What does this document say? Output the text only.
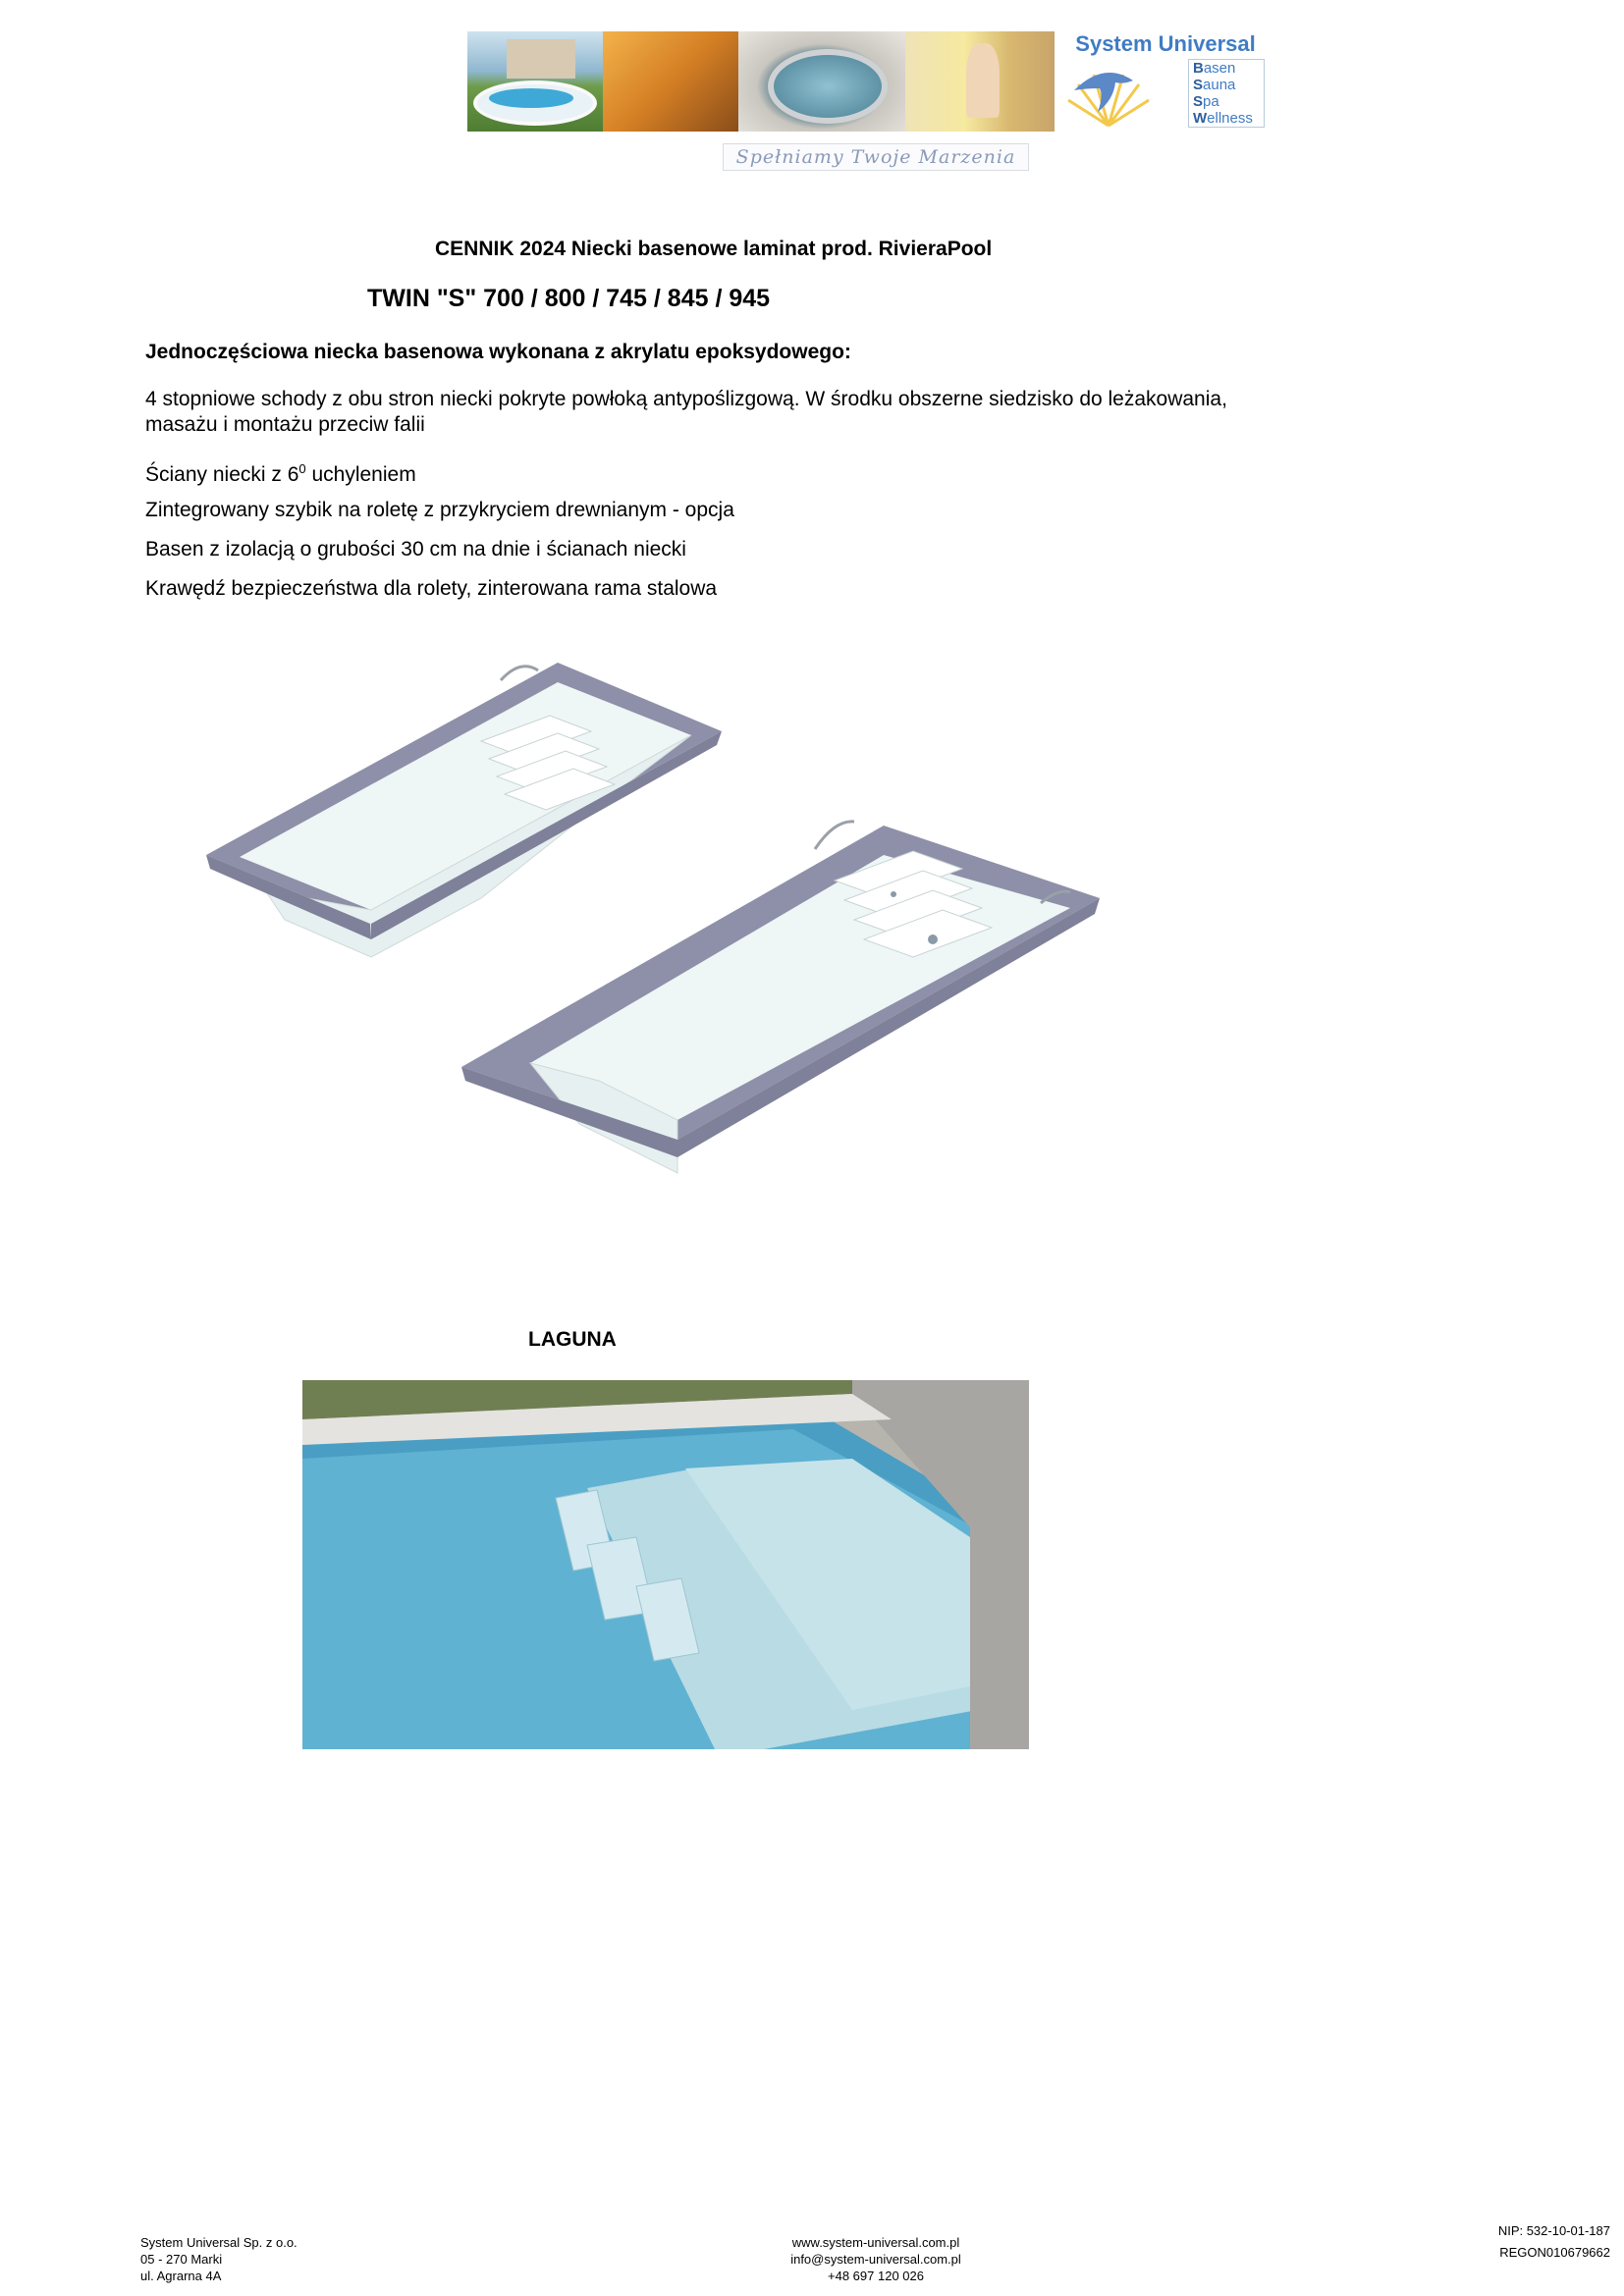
System Universal
Basen
Sauna
Spa
Wellness
Spełniamy Twoje Marzenia
CENNIK 2024 Niecki basenowe laminat prod. RivieraPool
TWIN "S" 700 / 800 / 745 / 845 / 945
Jednoczęściowa niecka basenowa wykonana z akrylatu epoksydowego:
4 stopniowe schody z obu stron niecki pokryte powłoką antypoślizgową. W środku obszerne siedzisko do leżakowania, masażu i montażu przeciw falii
Ściany niecki z $6^0$ uchyleniem
Zintegrowany szybik na roletę z przykryciem drewnianym - opcja
Basen z izolacją o grubości 30 cm na dnie i ścianach niecki
Krawędź bezpieczeństwa dla rolety, zinterowana rama stalowa
LAGUNA
System Universal Sp. z o.o.
05 - 270 Marki
ul. Agrarna 4A
www.system-universal.com.pl
info@system-universal.com.pl
+48 697 120 026
NIP: 532-10-01-187
REGON010679662
